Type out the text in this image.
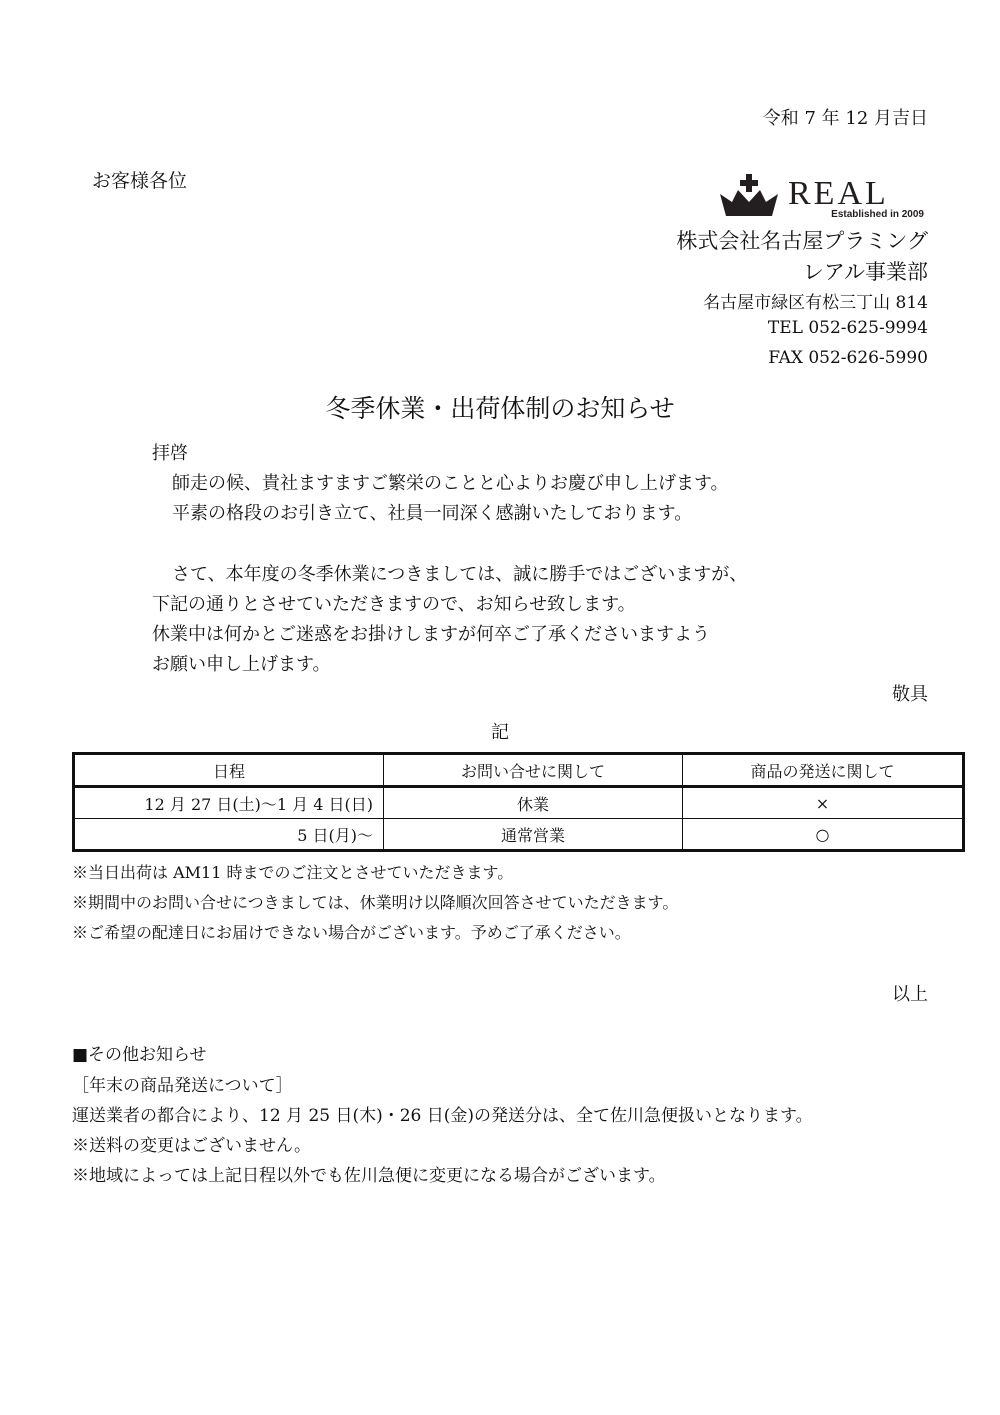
令和 7 年 12 月吉日
お客様各位	REAL
Established in 2009
株式会社名古屋プラミング
レアル事業部
名古屋市緑区有松三丁山 814
TEL 052-625-9994
FAX 052-626-5990
冬季休業・出荷体制のお知らせ
拝啓
師走の候、貴社ますますご繁栄のことと心よりお慶び申し上げます。
平素の格段のお引き立て、社員一同深く感謝いたしております。
さて、本年度の冬季休業につきましては、誠に勝手ではございますが、
下記の通りとさせていただきますので、お知らせ致します。
休業中は何かとご迷惑をお掛けしますが何卒ご了承くださいますよう
お願い申し上げます。
敬具
記
日程	お問い合せに関して	商品の発送に関して
12 月 27 日(土)～1 月 4 日(日)	休業	×
5 日(月)～	通常営業	○
※当日出荷は AM11 時までのご注文とさせていただきます。
※期間中のお問い合せにつきましては、休業明け以降順次回答させていただきます。
※ご希望の配達日にお届けできない場合がございます。予めご了承ください。
以上
■その他お知らせ
［年末の商品発送について］
運送業者の都合により、12 月 25 日(木)・26 日(金)の発送分は、全て佐川急便扱いとなります。
※送料の変更はございません。
※地域によっては上記日程以外でも佐川急便に変更になる場合がございます。
